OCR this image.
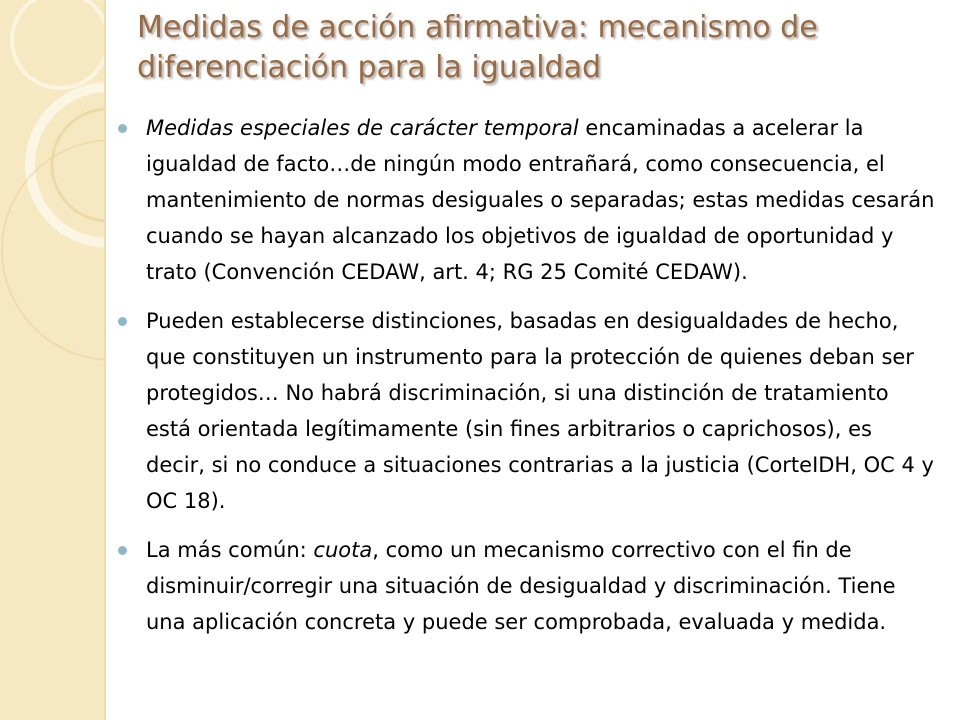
Medidas de acción afirmativa: mecanismo de diferenciación para la igualdad
Medidas especiales de carácter temporal encaminadas a acelerar la igualdad de facto…de ningún modo entrañará, como consecuencia, el mantenimiento de normas desiguales o separadas; estas medidas cesarán cuando se hayan alcanzado los objetivos de igualdad de oportunidad y trato (Convención CEDAW, art. 4; RG 25 Comité CEDAW).
Pueden establecerse distinciones, basadas en desigualdades de hecho, que constituyen un instrumento para la protección de quienes deban ser protegidos… No habrá discriminación, si una distinción de tratamiento está orientada legítimamente (sin fines arbitrarios o caprichosos), es decir, si no conduce a situaciones contrarias a la justicia (CorteIDH, OC 4 y OC 18).
La más común: cuota, como un mecanismo correctivo con el fin de disminuir/corregir una situación de desigualdad y discriminación. Tiene una aplicación concreta y puede ser comprobada, evaluada y medida.
